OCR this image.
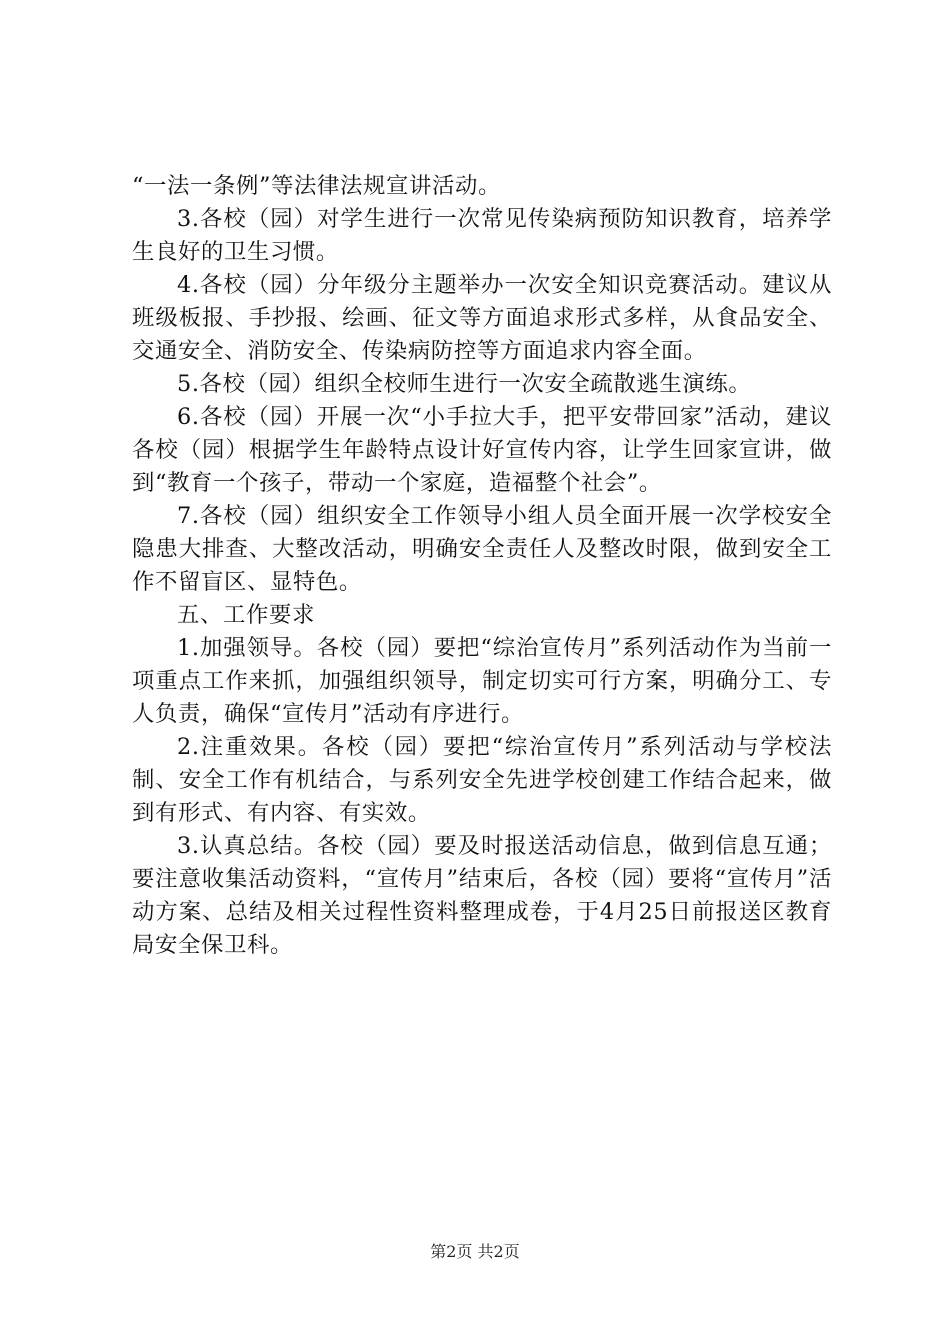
“一法一条例”等法律法规宣讲活动。

3.各校（园）对学生进行一次常见传染病预防知识教育，培养学生良好的卫生习惯。

4.各校（园）分年级分主题举办一次安全知识竞赛活动。建议从班级板报、手抄报、绘画、征文等方面追求形式多样，从食品安全、交通安全、消防安全、传染病防控等方面追求内容全面。

5.各校（园）组织全校师生进行一次安全疏散逃生演练。

6.各校（园）开展一次“小手拉大手，把平安带回家”活动，建议各校（园）根据学生年龄特点设计好宣传内容，让学生回家宣讲，做到“教育一个孩子，带动一个家庭，造福整个社会”。

7.各校（园）组织安全工作领导小组人员全面开展一次学校安全隐患大排查、大整改活动，明确安全责任人及整改时限，做到安全工作不留盲区、显特色。

五、工作要求

1.加强领导。各校（园）要把“综治宣传月”系列活动作为当前一项重点工作来抓，加强组织领导，制定切实可行方案，明确分工、专人负责，确保“宣传月”活动有序进行。

2.注重效果。各校（园）要把“综治宣传月”系列活动与学校法制、安全工作有机结合，与系列安全先进学校创建工作结合起来，做到有形式、有内容、有实效。

3.认真总结。各校（园）要及时报送活动信息，做到信息互通；要注意收集活动资料，“宣传月”结束后，各校（园）要将“宣传月”活动方案、总结及相关过程性资料整理成卷，于4月25日前报送区教育局安全保卫科。

第2页 共2页
